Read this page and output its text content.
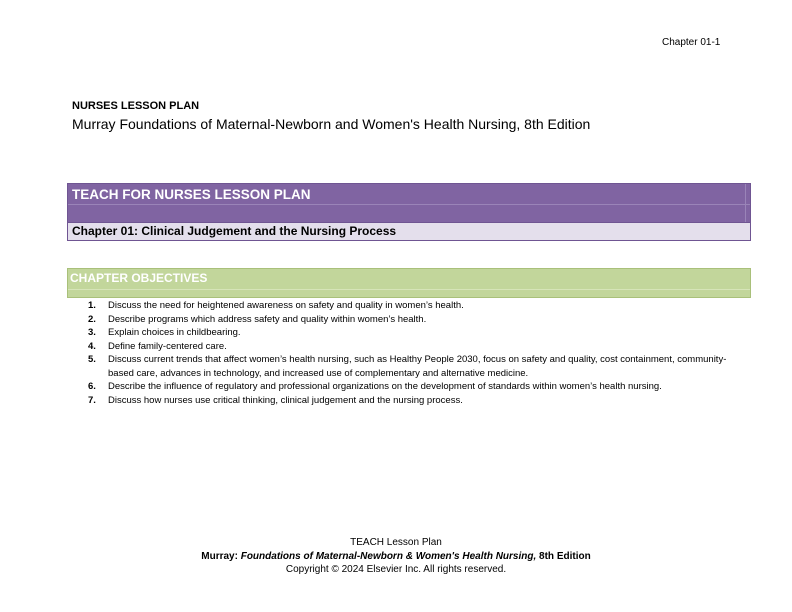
Chapter 01-1
NURSES LESSON PLAN
Murray Foundations of Maternal-Newborn and Women's Health Nursing, 8th Edition
TEACH FOR NURSES LESSON PLAN
Chapter 01: Clinical Judgement and the Nursing Process
CHAPTER OBJECTIVES
1.	Discuss the need for heightened awareness on safety and quality in women’s health.
2.	Describe programs which address safety and quality within women’s health.
3.	Explain choices in childbearing.
4.	Define family-centered care.
5.	Discuss current trends that affect women’s health nursing, such as Healthy People 2030, focus on safety and quality, cost containment, community-based care, advances in technology, and increased use of complementary and alternative medicine.
6.	Describe the influence of regulatory and professional organizations on the development of standards within women’s health nursing.
7.	Discuss how nurses use critical thinking, clinical judgement and the nursing process.
TEACH Lesson Plan
Murray: Foundations of Maternal-Newborn & Women's Health Nursing, 8th Edition
Copyright © 2024 Elsevier Inc. All rights reserved.
